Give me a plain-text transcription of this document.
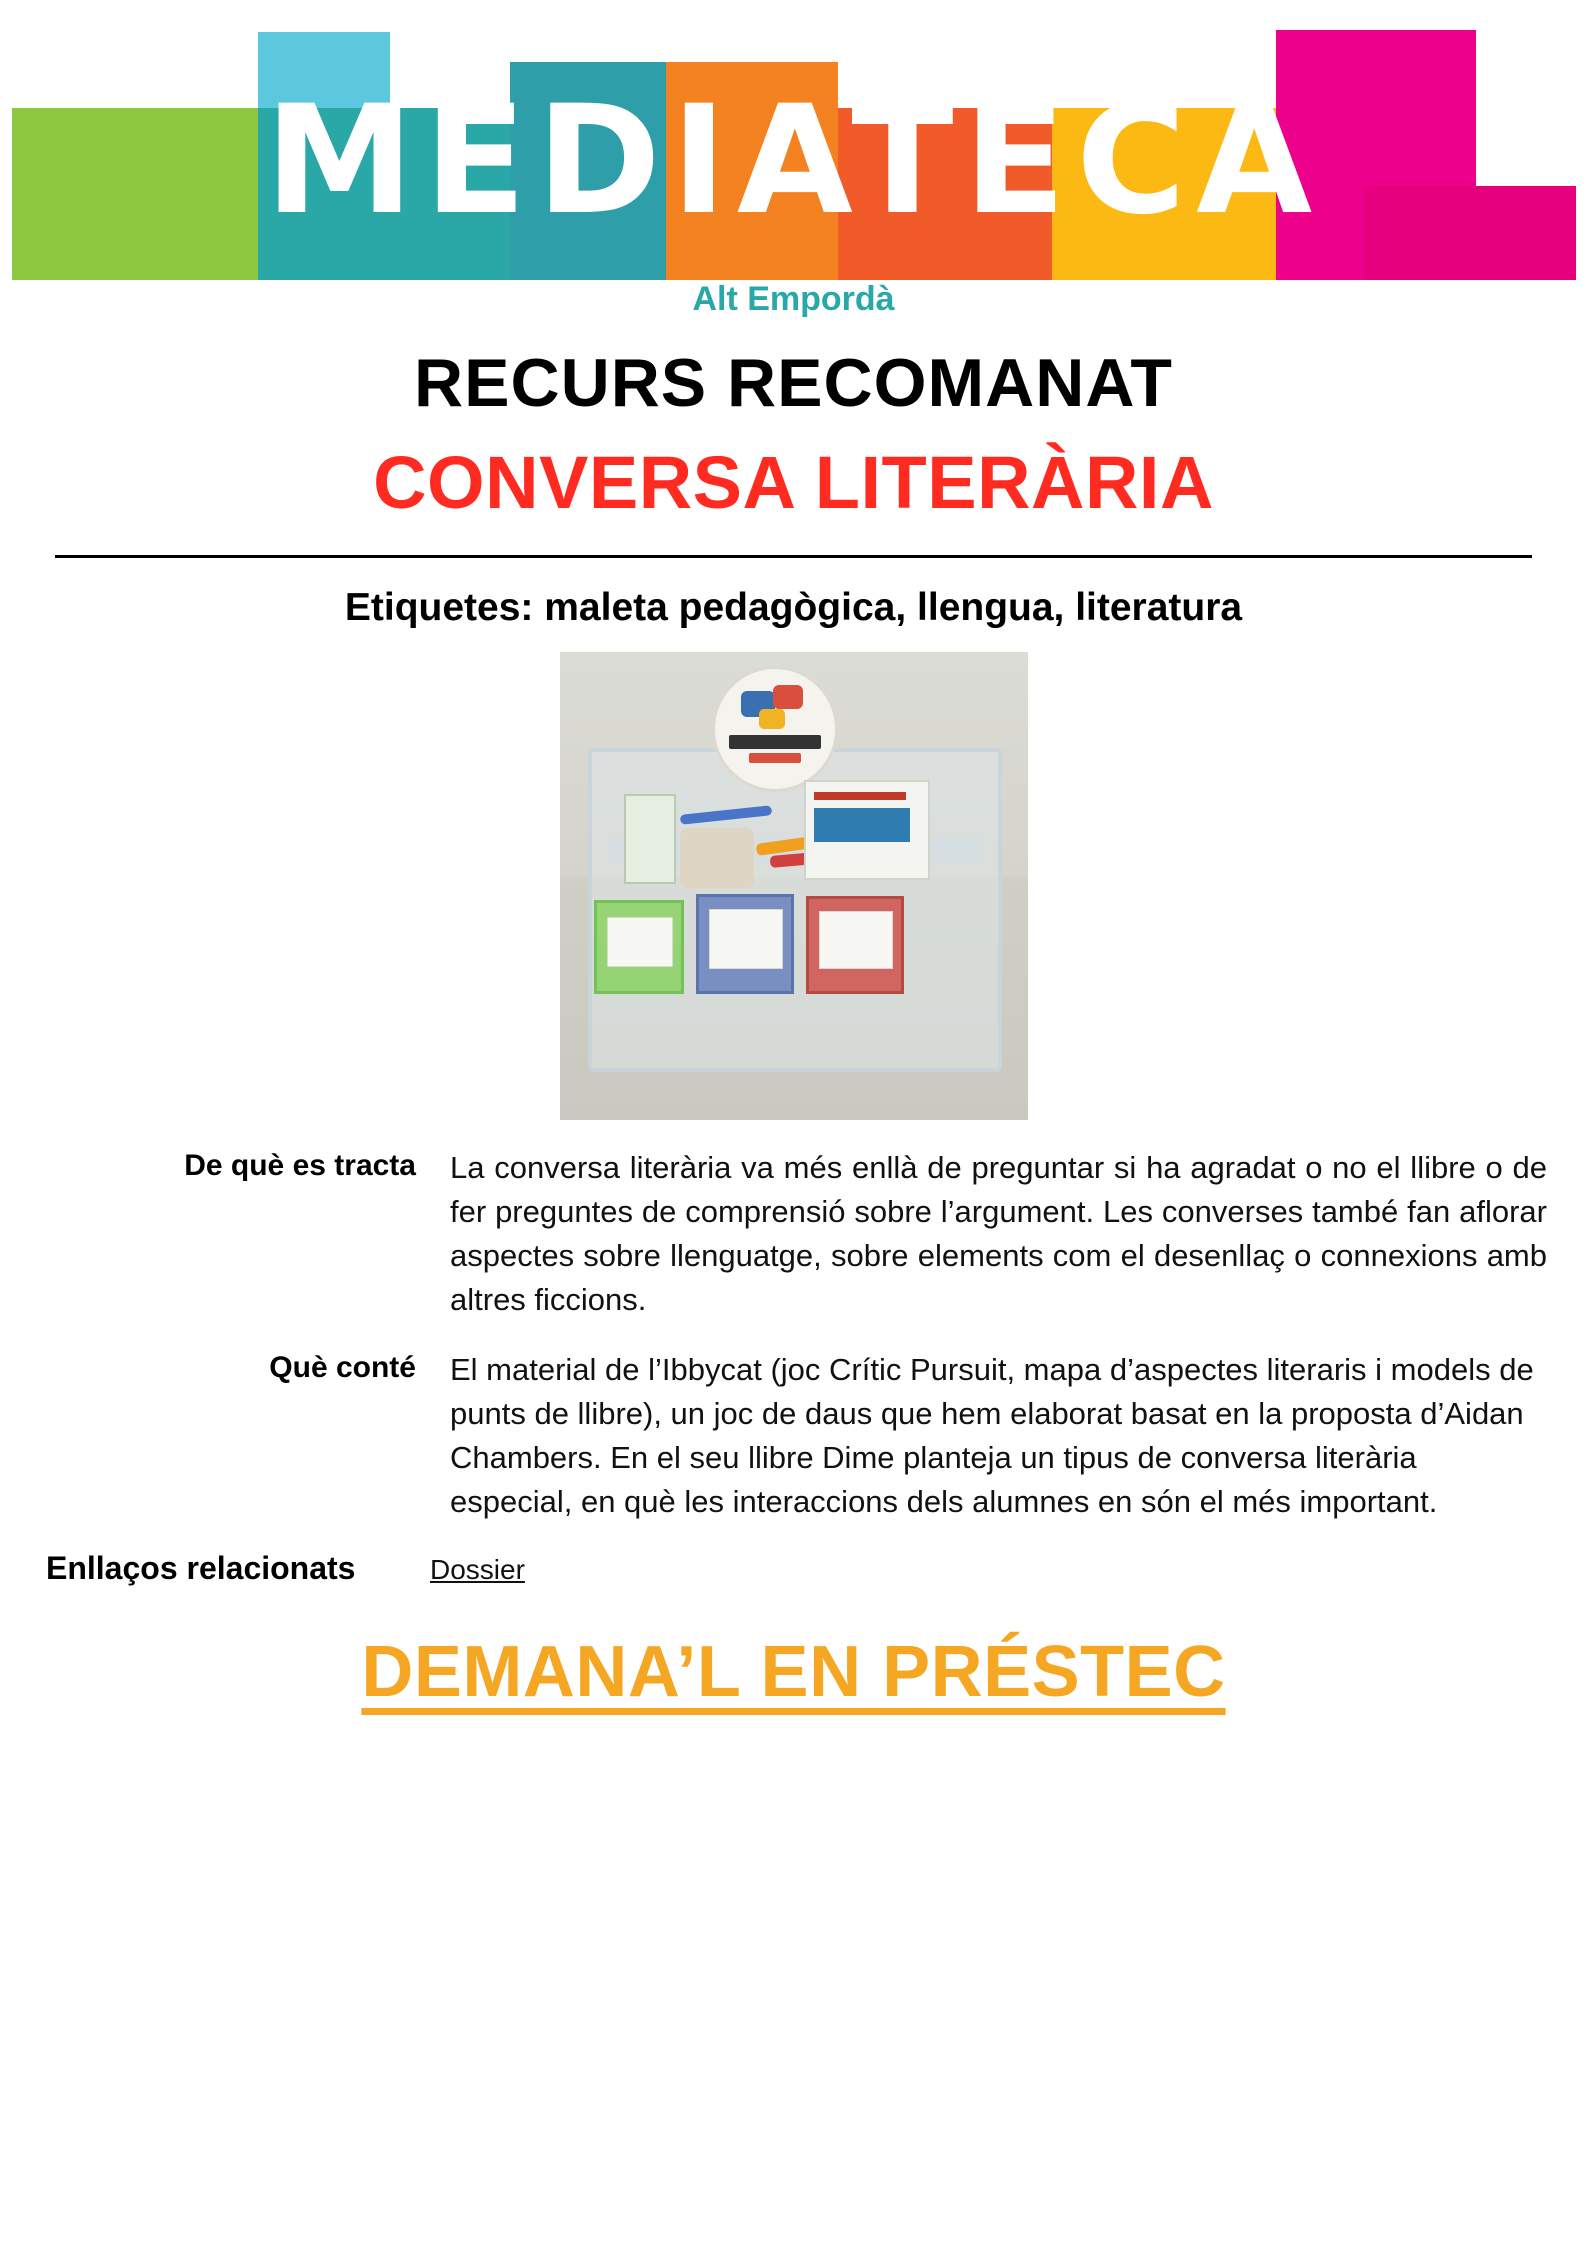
MEDIATECA
Alt Empordà
RECURS RECOMANAT
CONVERSA LITERÀRIA
Etiquetes: maleta pedagògica, llengua, literatura
De què es tracta	La conversa literària va més enllà de preguntar si ha agradat o no el llibre o de fer preguntes de comprensió sobre l’argument. Les converses també fan aflorar aspectes sobre llenguatge, sobre elements com el desenllaç o connexions amb altres ficcions.
Què conté	El material de l’Ibbycat (joc Crític Pursuit, mapa d’aspectes literaris i models de punts de llibre), un joc de daus que hem elaborat basat en la proposta d’Aidan Chambers. En el seu llibre Dime planteja un tipus de conversa literària especial, en què les interaccions dels alumnes en són el més important.
Enllaços relacionats	Dossier
DEMANA’L EN PRÉSTEC
